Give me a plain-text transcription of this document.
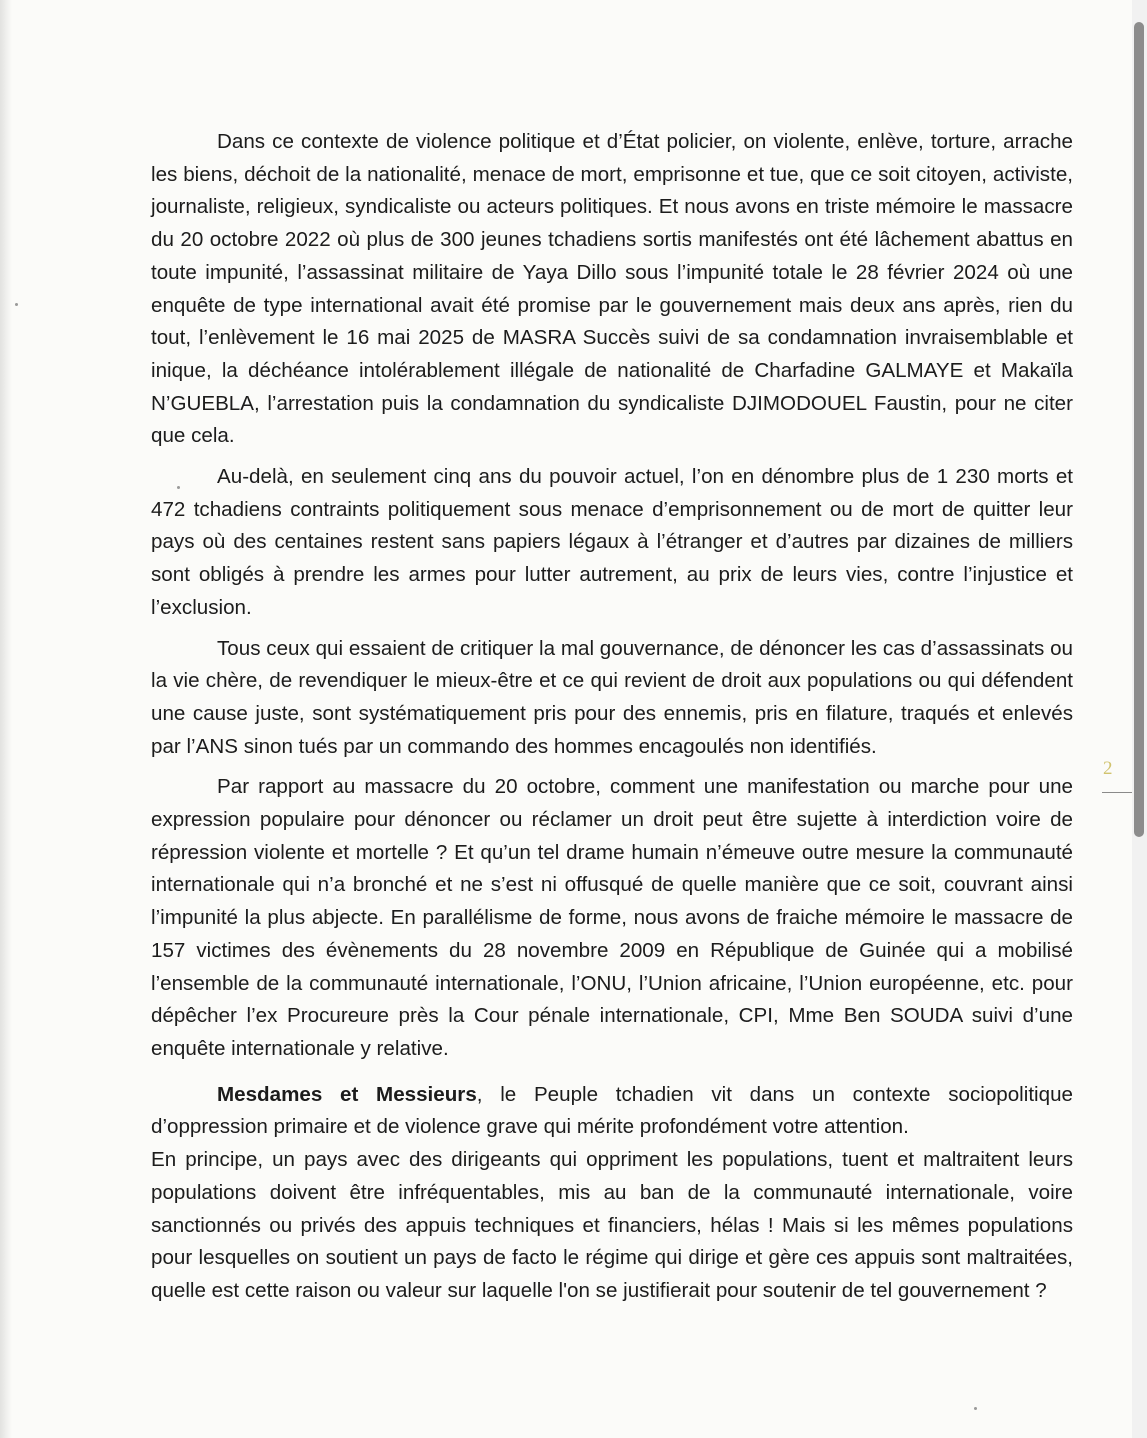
Dans ce contexte de violence politique et d’État policier, on violente, enlève, torture, arrache les biens, déchoit de la nationalité, menace de mort, emprisonne et tue, que ce soit citoyen, activiste, journaliste, religieux, syndicaliste ou acteurs politiques. Et nous avons en triste mémoire le massacre du 20 octobre 2022 où plus de 300 jeunes tchadiens sortis manifestés ont été lâchement abattus en toute impunité, l’assassinat militaire de Yaya Dillo sous l’impunité totale le 28 février 2024 où une enquête de type international avait été promise par le gouvernement mais deux ans après, rien du tout, l’enlèvement le 16 mai 2025 de MASRA Succès suivi de sa condamnation invraisemblable et inique, la déchéance intolérablement illégale de nationalité de Charfadine GALMAYE et Makaïla N’GUEBLA, l’arrestation puis la condamnation du syndicaliste DJIMODOUEL Faustin, pour ne citer que cela.

Au-delà, en seulement cinq ans du pouvoir actuel, l’on en dénombre plus de 1 230 morts et 472 tchadiens contraints politiquement sous menace d’emprisonnement ou de mort de quitter leur pays où des centaines restent sans papiers légaux à l’étranger et d’autres par dizaines de milliers sont obligés à prendre les armes pour lutter autrement, au prix de leurs vies, contre l’injustice et l’exclusion.

Tous ceux qui essaient de critiquer la mal gouvernance, de dénoncer les cas d’assassinats ou la vie chère, de revendiquer le mieux-être et ce qui revient de droit aux populations ou qui défendent une cause juste, sont systématiquement pris pour des ennemis, pris en filature, traqués et enlevés par l’ANS sinon tués par un commando des hommes encagoulés non identifiés.

Par rapport au massacre du 20 octobre, comment une manifestation ou marche pour une expression populaire pour dénoncer ou réclamer un droit peut être sujette à interdiction voire de répression violente et mortelle ? Et qu’un tel drame humain n’émeuve outre mesure la communauté internationale qui n’a bronché et ne s’est ni offusqué de quelle manière que ce soit, couvrant ainsi l’impunité la plus abjecte. En parallélisme de forme, nous avons de fraiche mémoire le massacre de 157 victimes des évènements du 28 novembre 2009 en République de Guinée qui a mobilisé l’ensemble de la communauté internationale, l’ONU, l’Union africaine, l’Union européenne, etc. pour dépêcher l’ex Procureure près la Cour pénale internationale, CPI, Mme Ben SOUDA suivi d’une enquête internationale y relative.

Mesdames et Messieurs, le Peuple tchadien vit dans un contexte sociopolitique d’oppression primaire et de violence grave qui mérite profondément votre attention.

En principe, un pays avec des dirigeants qui oppriment les populations, tuent et maltraitent leurs populations doivent être infréquentables, mis au ban de la communauté internationale, voire sanctionnés ou privés des appuis techniques et financiers, hélas ! Mais si les mêmes populations pour lesquelles on soutient un pays de facto le régime qui dirige et gère ces appuis sont maltraitées, quelle est cette raison ou valeur sur laquelle l'on se justifierait pour soutenir de tel gouvernement ?

2
